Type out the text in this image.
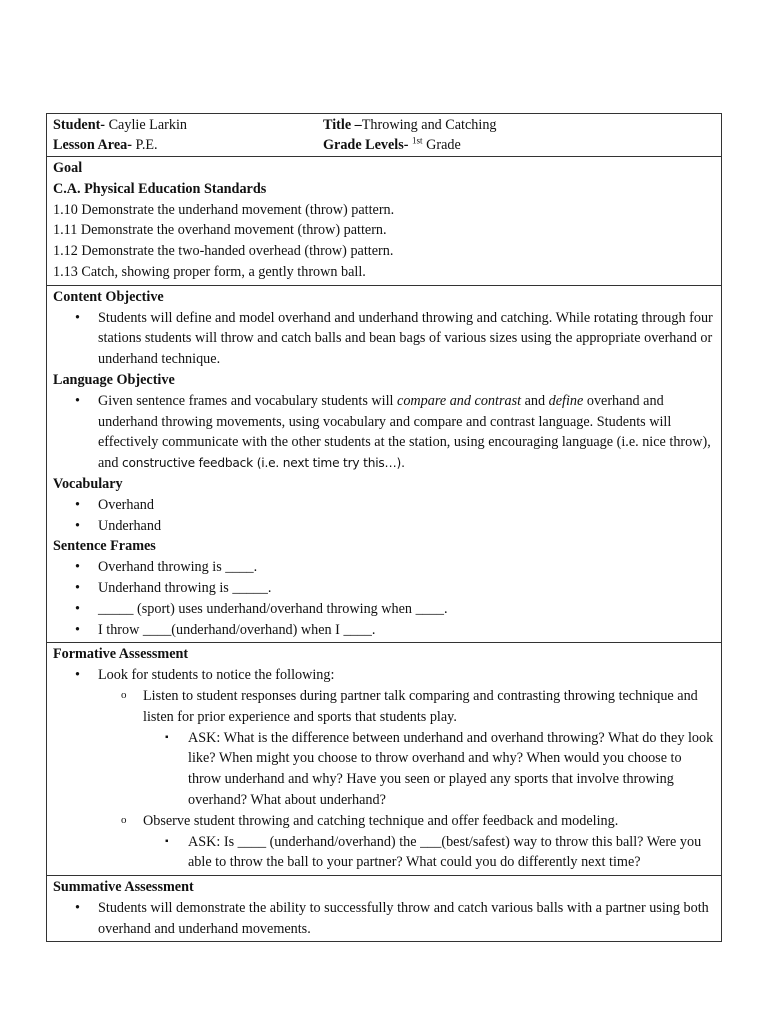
Student- Caylie Larkin	Title –Throwing and Catching
Lesson Area- P.E.	Grade Levels- $^{1st}$ Grade
Goal
C.A. Physical Education Standards
1.10 Demonstrate the underhand movement (throw) pattern.
1.11 Demonstrate the overhand movement (throw) pattern.
1.12 Demonstrate the two-handed overhead (throw) pattern.
1.13 Catch, showing proper form, a gently thrown ball.
Content Objective
• Students will define and model overhand and underhand throwing and catching. While rotating through four stations students will throw and catch balls and bean bags of various sizes using the appropriate overhand or underhand technique.
Language Objective
• Given sentence frames and vocabulary students will compare and contrast and define overhand and underhand throwing movements, using vocabulary and compare and contrast language. Students will effectively communicate with the other students at the station, using encouraging language (i.e. nice throw), and constructive feedback (i.e. next time try this…).
Vocabulary
• Overhand
• Underhand
Sentence Frames
• Overhand throwing is ____.
• Underhand throwing is _____.
• _____ (sport) uses underhand/overhand throwing when ____.
• I throw ____(underhand/overhand) when I ____.
Formative Assessment
• Look for students to notice the following:
o Listen to student responses during partner talk comparing and contrasting throwing technique and listen for prior experience and sports that students play.
▪ ASK: What is the difference between underhand and overhand throwing? What do they look like? When might you choose to throw overhand and why? When would you choose to throw underhand and why? Have you seen or played any sports that involve throwing overhand? What about underhand?
o Observe student throwing and catching technique and offer feedback and modeling.
▪ ASK: Is ____ (underhand/overhand) the ___(best/safest) way to throw this ball? Were you able to throw the ball to your partner? What could you do differently next time?
Summative Assessment
• Students will demonstrate the ability to successfully throw and catch various balls with a partner using both overhand and underhand movements.
